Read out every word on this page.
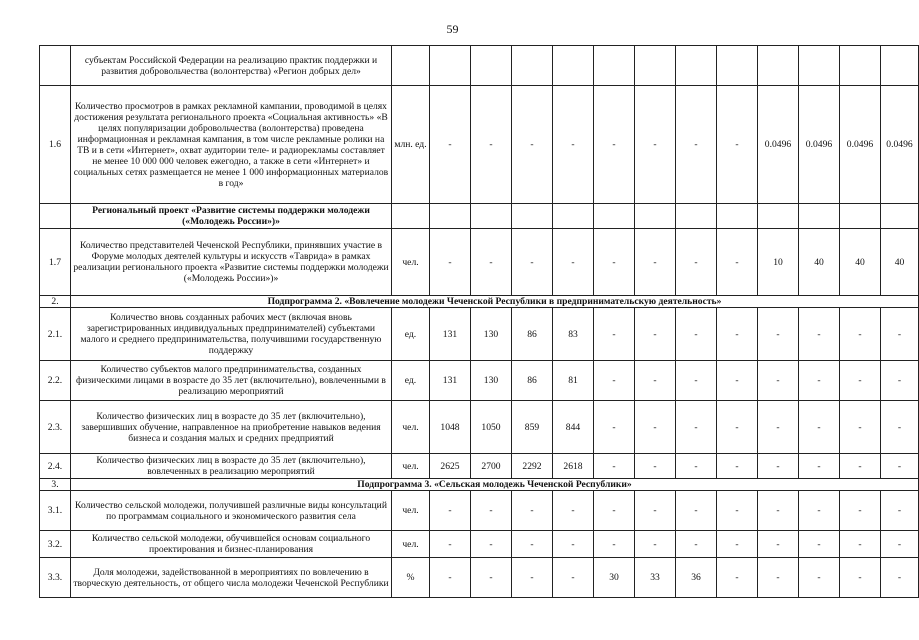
59
	субъектам Российской Федерации на реализацию практик поддержки и развития добровольчества (волонтерства) «Регион добрых дел»													
1.6	Количество просмотров в рамках рекламной кампании, проводимой в целях достижения результата регионального проекта «Социальная активность» «В целях популяризации добровольчества (волонтерства) проведена информационная и рекламная кампания, в том числе рекламные ролики на ТВ и в сети «Интернет», охват аудитории теле- и радиорекламы составляет не менее 10 000 000 человек ежегодно, а также в сети «Интернет» и социальных сетях размещается не менее 1 000 информационных материалов в год»	млн. ед.	-	-	-	-	-	-	-	-	0.0496	0.0496	0.0496	0.0496
	Региональный проект «Развитие системы поддержки молодежи («Молодежь России»)»													
1.7	Количество представителей Чеченской Республики, принявших участие в Форуме молодых деятелей культуры и искусств «Таврида» в рамках реализации регионального проекта «Развитие системы поддержки молодежи («Молодежь России»)»	чел.	-	-	-	-	-	-	-	-	10	40	40	40
2.	Подпрограмма 2. «Вовлечение молодежи Чеченской Республики в предпринимательскую деятельность»													
2.1.	Количество вновь созданных рабочих мест (включая вновь зарегистрированных индивидуальных предпринимателей) субъектами малого и среднего предпринимательства, получившими государственную поддержку	ед.	131	130	86	83	-	-	-	-	-	-	-	-
2.2.	Количество субъектов малого предпринимательства, созданных физическими лицами в возрасте до 35 лет (включительно), вовлеченными в реализацию мероприятий	ед.	131	130	86	81	-	-	-	-	-	-	-	-
2.3.	Количество физических лиц в возрасте до 35 лет (включительно), завершивших обучение, направленное на приобретение навыков ведения бизнеса и создания малых и средних предприятий	чел.	1048	1050	859	844	-	-	-	-	-	-	-	-
2.4.	Количество физических лиц в возрасте до 35 лет (включительно), вовлеченных в реализацию мероприятий	чел.	2625	2700	2292	2618	-	-	-	-	-	-	-	-
3.	Подпрограмма 3. «Сельская молодежь Чеченской Республики»													
3.1.	Количество сельской молодежи, получившей различные виды консультаций по программам социального и экономического развития села	чел.	-	-	-	-	-	-	-	-	-	-	-	-
3.2.	Количество сельской молодежи, обучившейся основам социального проектирования и бизнес-планирования	чел.	-	-	-	-	-	-	-	-	-	-	-	-
3.3.	Доля молодежи, задействованной в мероприятиях по вовлечению в творческую деятельность, от общего числа молодежи Чеченской Республики	%	-	-	-	-	30	33	36	-	-	-	-	-
